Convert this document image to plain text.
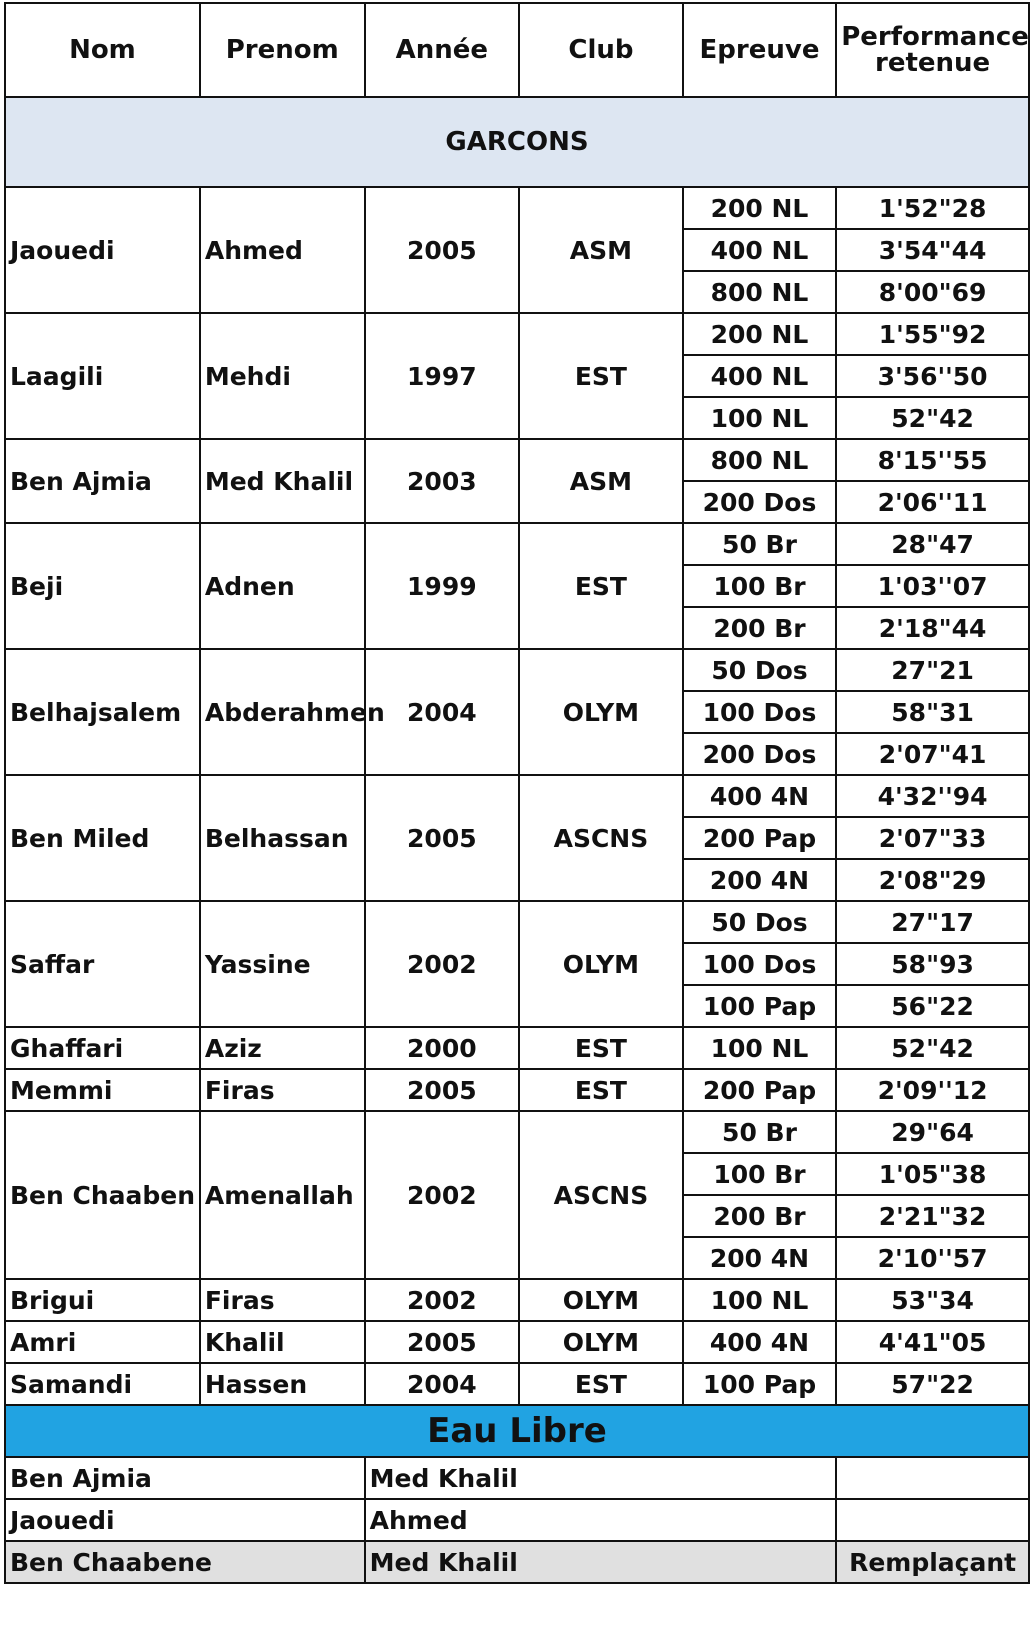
Nom	Prenom	Année	Club	Epreuve	Performance
retenue
GARCONS					
Jaouedi	Ahmed	2005	ASM	200 NL	1'52"28
				400 NL	3'54"44
				800 NL	8'00"69
Laagili	Mehdi	1997	EST	200 NL	1'55"92
				400 NL	3'56''50
				100 NL	52"42
Ben Ajmia	Med Khalil	2003	ASM	800 NL	8'15''55
				200 Dos	2'06''11
Beji	Adnen	1999	EST	50 Br	28"47
				100 Br	1'03''07
				200 Br	2'18"44
Belhajsalem	Abderahmen	2004	OLYM	50 Dos	27"21
				100 Dos	58"31
				200 Dos	2'07"41
Ben Miled	Belhassan	2005	ASCNS	400 4N	4'32''94
				200 Pap	2'07"33
				200 4N	2'08"29
Saffar	Yassine	2002	OLYM	50 Dos	27"17
				100 Dos	58"93
				100 Pap	56"22
Ghaffari	Aziz	2000	EST	100 NL	52"42
Memmi	Firas	2005	EST	200 Pap	2'09''12
Ben Chaaben	Amenallah	2002	ASCNS	50 Br	29"64
				100 Br	1'05"38
				200 Br	2'21"32
				200 4N	2'10''57
Brigui	Firas	2002	OLYM	100 NL	53"34
Amri	Khalil	2005	OLYM	400 4N	4'41"05
Samandi	Hassen	2004	EST	100 Pap	57"22
Eau Libre					
Ben Ajmia		Med Khalil			
Jaouedi		Ahmed			
Ben Chaabene		Med Khalil			Remplaçant
